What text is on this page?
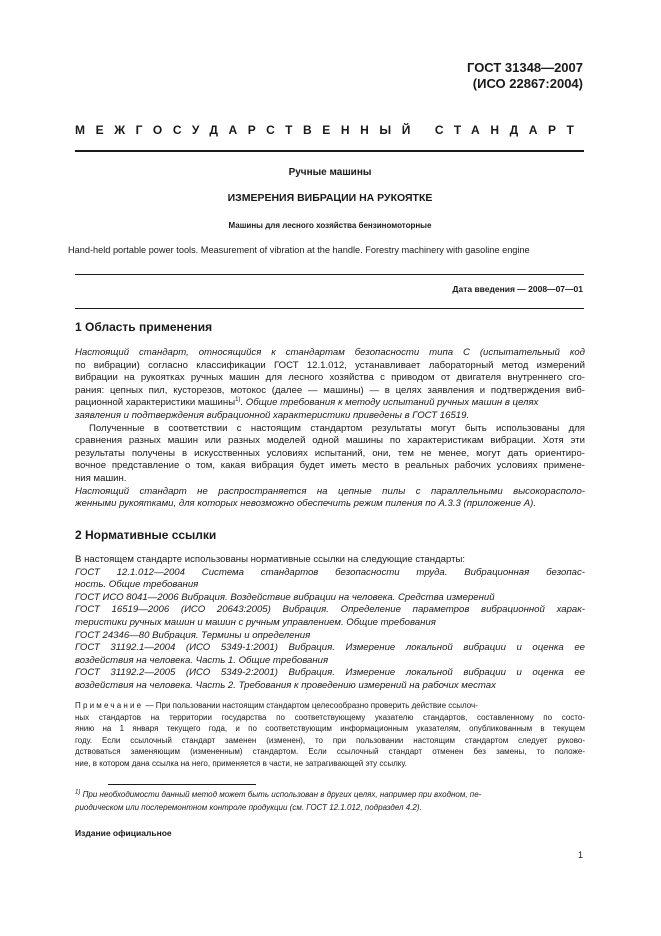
ГОСТ 31348—2007
(ИСО 22867:2004)
МЕЖГОСУДАРСТВЕННЫЙ СТАНДАРТ
Ручные машины
ИЗМЕРЕНИЯ ВИБРАЦИИ НА РУКОЯТКЕ
Машины для лесного хозяйства бензиномоторные
Hand-held portable power tools. Measurement of vibration at the handle. Forestry machinery with gasoline engine
Дата введения — 2008—07—01
1 Область применения
Настоящий стандарт, относящийся к стандартам безопасности типа С (испытательный код
по вибрации) согласно классификации ГОСТ 12.1.012, устанавливает лабораторный метод измерений
вибрации на рукоятках ручных машин для лесного хозяйства с приводом от двигателя внутреннего сго-
рания: цепных пил, кусторезов, мотокос (далее — машины) — в целях заявления и подтверждения виб-
рационной характеристики машины$^{1)}$. Общие требования к методу испытаний ручных машин в целях
заявления и подтверждения вибрационной характеристики приведены в ГОСТ 16519.
Полученные в соответствии с настоящим стандартом результаты могут быть использованы для
сравнения разных машин или разных моделей одной машины по характеристикам вибрации. Хотя эти
результаты получены в искусственных условиях испытаний, они, тем не менее, могут дать ориентиро-
вочное представление о том, какая вибрация будет иметь место в реальных рабочих условиях примене-
ния машин.
Настоящий стандарт не распространяется на цепные пилы с параллельными высокорасполо-
женными рукоятками, для которых невозможно обеспечить режим пиления по А.3.3 (приложение А).
2 Нормативные ссылки
В настоящем стандарте использованы нормативные ссылки на следующие стандарты:
ГОСТ 12.1.012—2004 Система стандартов безопасности труда. Вибрационная безопас-
ность. Общие требования
ГОСТ ИСО 8041—2006 Вибрация. Воздействие вибрации на человека. Средства измерений
ГОСТ 16519—2006 (ИСО 20643:2005) Вибрация. Определение параметров вибрационной харак-
теристики ручных машин и машин с ручным управлением. Общие требования
ГОСТ 24346—80 Вибрация. Термины и определения
ГОСТ 31192.1—2004 (ИСО 5349-1:2001) Вибрация. Измерение локальной вибрации и оценка ее
воздействия на человека. Часть 1. Общие требования
ГОСТ 31192.2—2005 (ИСО 5349-2:2001) Вибрация. Измерение локальной вибрации и оценка ее
воздействия на человека. Часть 2. Требования к проведению измерений на рабочих местах
Примечание — При пользовании настоящим стандартом целесообразно проверить действие ссылоч-
ных стандартов на территории государства по соответствующему указателю стандартов, составленному по состо-
янию на 1 января текущего года, и по соответствующим информационным указателям, опубликованным в текущем
году. Если ссылочный стандарт заменен (изменен), то при пользовании настоящим стандартом следует руково-
дствоваться заменяющим (измененным) стандартом. Если ссылочный стандарт отменен без замены, то положе-
ние, в котором дана ссылка на него, применяется в части, не затрагивающей эту ссылку.
$^{1)}$ При необходимости данный метод может быть использован в других целях, например при входном, пе-
риодическом или послеремонтном контроле продукции (см. ГОСТ 12.1.012, подраздел 4.2).
Издание официальное
1
